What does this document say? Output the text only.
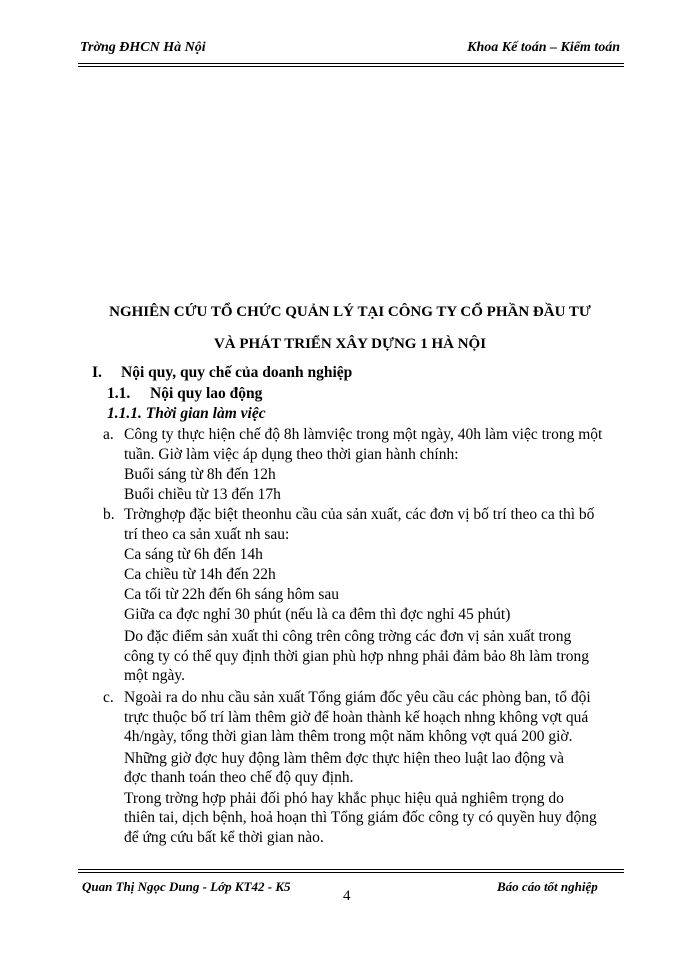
Trờng ĐHCN Hà Nội	Khoa Kế toán – Kiểm toán
NGHIÊN CỨU TỔ CHỨC QUẢN LÝ TẠI CÔNG TY CỔ PHẦN ĐẦU TƯ
VÀ PHÁT TRIỂN XÂY DỰNG 1 HÀ NỘI
I. Nội quy, quy chế của doanh nghiệp
1.1. Nội quy lao động
1.1.1. Thời gian làm việc
a. Công ty thực hiện chế độ 8h làmviệc trong một ngày, 40h làm việc trong một
tuần. Giờ làm việc áp dụng theo thời gian hành chính:
Buổi sáng từ 8h đến 12h
Buổi chiều từ 13 đến 17h
b. Trờnghợp đặc biệt theonhu cầu của sản xuất, các đơn vị bố trí theo ca thì bố
trí theo ca sản xuất nh sau:
Ca sáng từ 6h đến 14h
Ca chiều từ 14h đến 22h
Ca tối từ 22h đến 6h sáng hôm sau
Giữa ca đợc nghỉ 30 phút (nếu là ca đêm thì đợc nghỉ 45 phút)
Do đặc điểm sản xuất thi công trên công trờng các đơn vị sản xuất trong
công ty có thể quy định thời gian phù hợp nhng phải đảm bảo 8h làm trong
một ngày.
c. Ngoài ra do nhu cầu sản xuất Tổng giám đốc yêu cầu các phòng ban, tổ đội
trực thuộc bố trí làm thêm giờ để hoàn thành kế hoạch nhng không vợt quá
4h/ngày, tổng thời gian làm thêm trong một năm không vợt quá 200 giờ.
Những giờ đợc huy động làm thêm đợc thực hiện theo luật lao động và
đợc thanh toán theo chế độ quy định.
Trong trờng hợp phải đối phó hay khắc phục hiệu quả nghiêm trọng do
thiên tai, dịch bệnh, hoả hoạn thì Tổng giám đốc công ty có quyền huy động
để ứng cứu bất kể thời gian nào.
Quan Thị Ngọc Dung - Lớp KT42 - K5	Báo cáo tốt nghiệp
4
